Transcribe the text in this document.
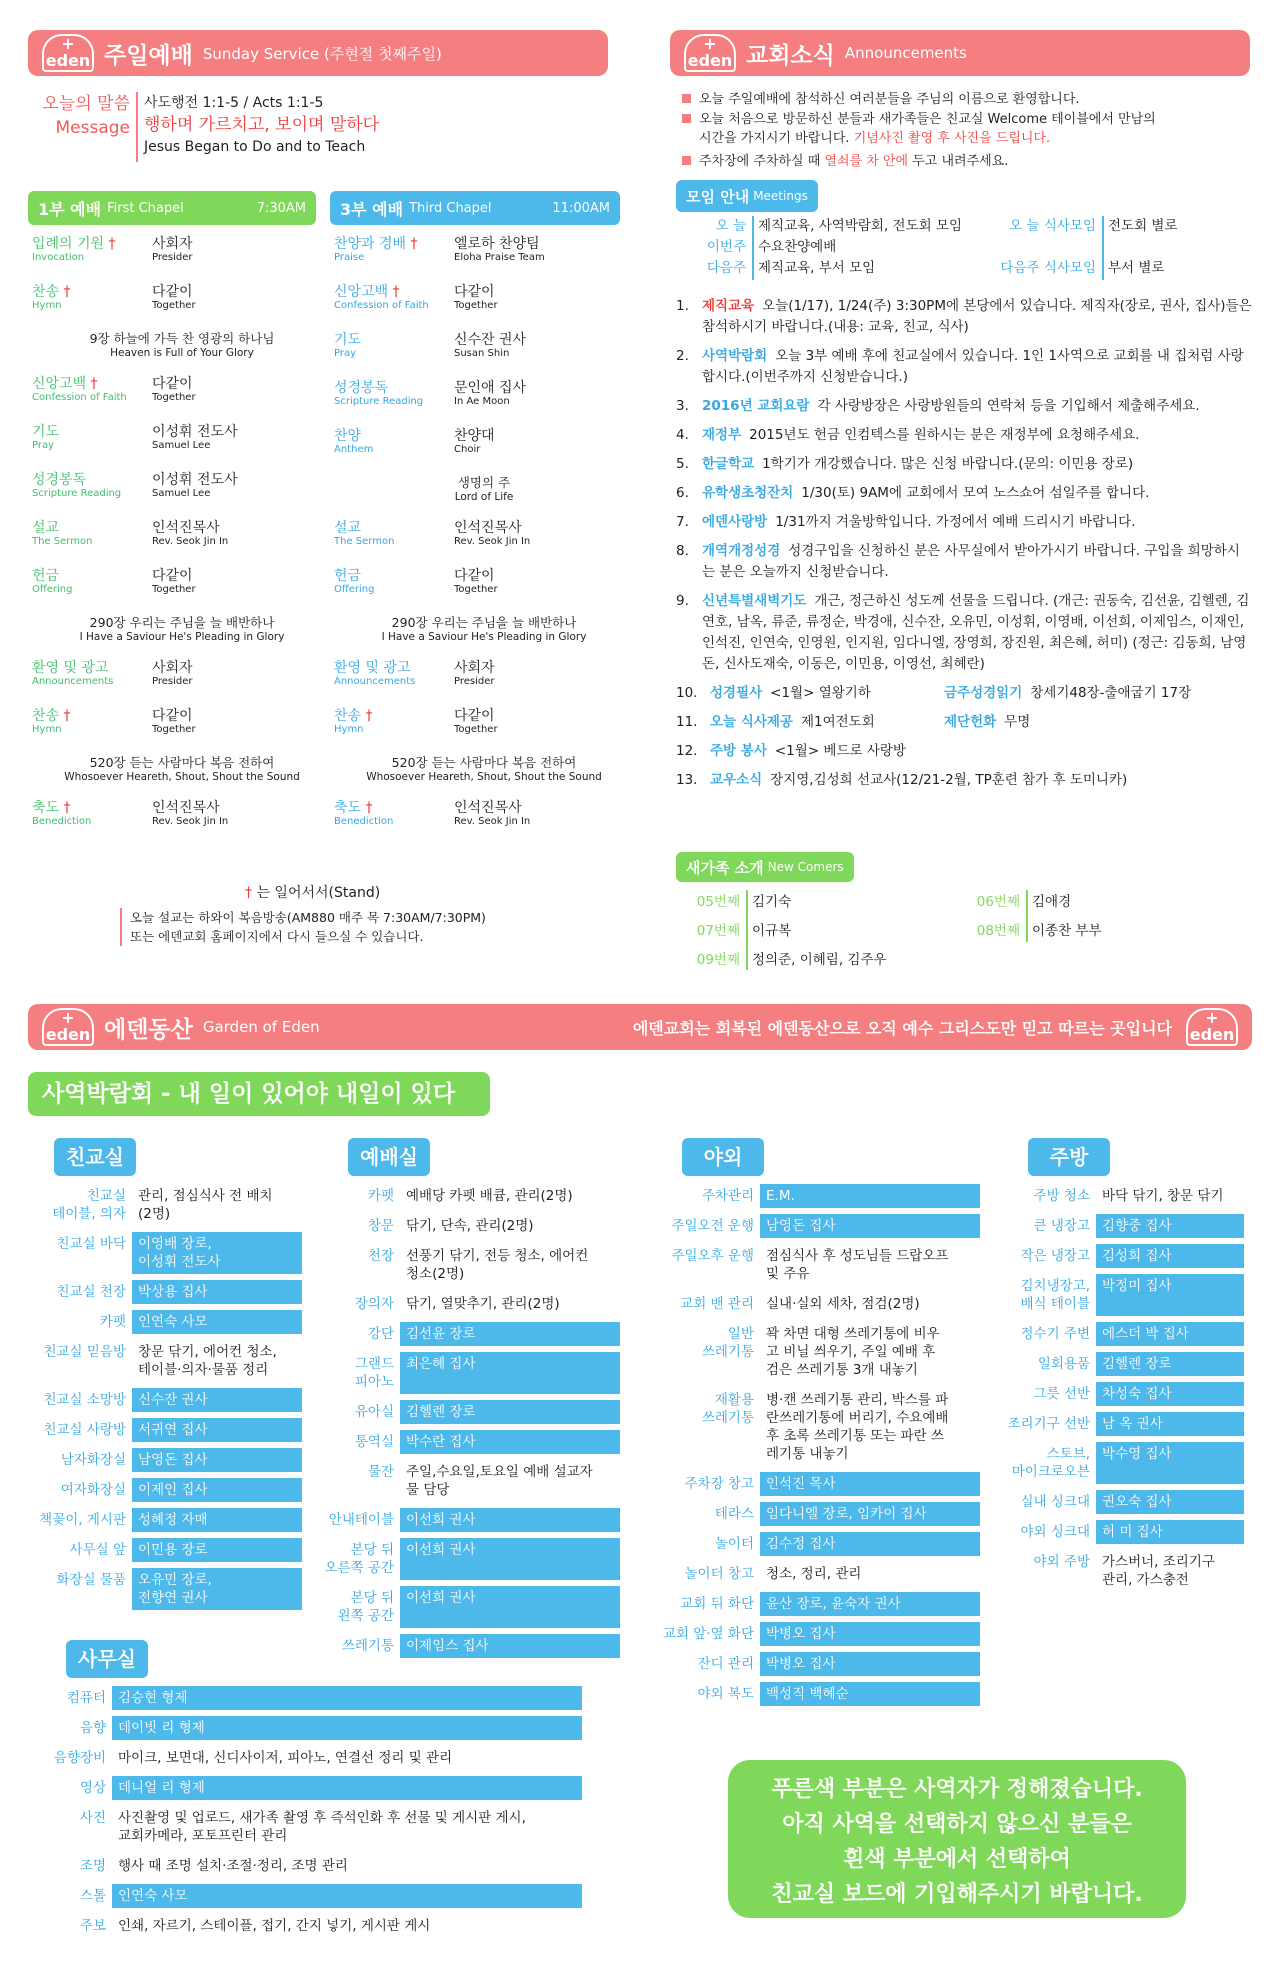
+ eden 주일예배 Sunday Service (주현절 첫째주일)
오늘의 말씀
Message
사도행전 1:1-5 / Acts 1:1-5
행하며 가르치고, 보이며 말하다
Jesus Began to Do and to Teach
1부 예배 First Chapel	7:30AM 3부 예배 Third Chapel	11:00AM
입례의 기원 †
Invocation
사회자
Presider
찬송 †
Hymn
다같이
Together
9장 하늘에 가득 찬 영광의 하나님
Heaven is Full of Your Glory
신앙고백 †
Confession of Faith
다같이
Together
기도
Pray
이성휘 전도사
Samuel Lee
성경봉독
Scripture Reading
이성휘 전도사
Samuel Lee
설교
The Sermon
인석진목사
Rev. Seok Jin In
헌금
Offering
다같이
Together
290장 우리는 주님을 늘 배반하나
I Have a Saviour He's Pleading in Glory
환영 및 광고
Announcements
사회자
Presider
찬송 †
Hymn
다같이
Together
520장 듣는 사람마다 복음 전하여
Whosoever Heareth, Shout, Shout the Sound
축도 †
Benediction
인석진목사
Rev. Seok Jin In
찬양과 경배 †
Praise
엘로하 찬양팀
Eloha Praise Team
신앙고백 †
Confession of Faith
다같이
Together
기도
Pray
신수잔 권사
Susan Shin
성경봉독
Scripture Reading
문인애 집사
In Ae Moon
찬양
Anthem
찬양대
Choir
생명의 주
Lord of Life
설교
The Sermon
인석진목사
Rev. Seok Jin In
헌금
Offering
다같이
Together
290장 우리는 주님을 늘 배반하나
I Have a Saviour He's Pleading in Glory
환영 및 광고
Announcements
사회자
Presider
찬송 †
Hymn
다같이
Together
520장 듣는 사람마다 복음 전하여
Whosoever Heareth, Shout, Shout the Sound
축도 †
Benediction
인석진목사
Rev. Seok Jin In
† 는 일어서서(Stand)
오늘 설교는 하와이 복음방송(AM880 매주 목 7:30AM/7:30PM)
또는 에덴교회 홈페이지에서 다시 들으실 수 있습니다.
+ eden 교회소식 Announcements
오늘 주일예배에 참석하신 여러분들을 주님의 이름으로 환영합니다.
오늘 처음으로 방문하신 분들과 새가족들은 친교실 Welcome 테이블에서 만남의
시간을 가지시기 바랍니다. 기념사진 촬영 후 사진을 드립니다.
주차장에 주차하실 때 열쇠를 차 안에 두고 내려주세요.
모임 안내 Meetings
오 늘
이번주
다음주
제직교육, 사역박람회, 전도회 모임
수요찬양예배
제직교육, 부서 모임
오 늘 식사모임

다음주 식사모임
전도회 별로

부서 별로
1. 제직교육 오늘(1/17), 1/24(주) 3:30PM에 본당에서 있습니다. 제직자(장로, 권사, 집사)들은 참석하시기 바랍니다.(내용: 교육, 친교, 식사)
2. 사역박람회 오늘 3부 예배 후에 친교실에서 있습니다. 1인 1사역으로 교회를 내 집처럼 사랑합시다.(이번주까지 신청받습니다.)
3. 2016년 교회요람 각 사랑방장은 사랑방원들의 연락처 등을 기입해서 제출해주세요.
4. 재정부 2015년도 헌금 인컴텍스를 원하시는 분은 재정부에 요청해주세요.
5. 한글학교 1학기가 개강했습니다. 많은 신청 바랍니다.(문의: 이민용 장로)
6. 유학생초청잔치 1/30(토) 9AM에 교회에서 모여 노스쇼어 섬일주를 합니다.
7. 에덴사랑방 1/31까지 겨울방학입니다. 가정에서 예배 드리시기 바랍니다.
8. 개역개정성경 성경구입을 신청하신 분은 사무실에서 받아가시기 바랍니다. 구입을 희망하시는 분은 오늘까지 신청받습니다.
9. 신년특별새벽기도 개근, 정근하신 성도께 선물을 드립니다. (개근: 권동숙, 김선윤, 김헬렌, 김연호, 남옥, 류준, 류정순, 박경애, 신수잔, 오유민, 이성휘, 이영배, 이선희, 이제임스, 이재인, 인석진, 인연숙, 인영원, 인지원, 임다니엘, 장영희, 장진원, 최은혜, 허미) (정근: 김동희, 남영돈, 신사도재숙, 이동은, 이민용, 이영선, 최혜란)
10. 성경필사 <1월> 열왕기하	금주성경읽기 창세기48장-출애굽기 17장
11. 오늘 식사제공 제1여전도회	제단헌화 무명
12. 주방 봉사 <1월> 베드로 사랑방
13. 교우소식 장지영,김성희 선교사(12/21-2월, TP훈련 참가 후 도미니카)
새가족 소개 New Comers
05번째
07번째
09번째
김기숙
이규복
정의준, 이혜림, 김주우
06번째
08번째
김애경
이종찬 부부
+ eden 에덴동산 Garden of Eden	에덴교회는 회복된 에덴동산으로 오직 예수 그리스도만 믿고 따르는 곳입니다
+ eden
사역박람회 - 내 일이 있어야 내일이 있다
친교실
친교실
테이블, 의자
관리, 점심식사 전 배치
(2명)
친교실 바닥 이영배 장로,
이성휘 전도사
친교실 천장 박상용 집사
카펫 인연숙 사모
친교실 믿음방 창문 닦기, 에어컨 청소,
테이블·의자·물품 정리
친교실 소망방 신수잔 권사
친교실 사랑방 서귀연 집사
남자화장실 남영돈 집사
여자화장실 이제인 집사
책꽂이, 게시판 성혜정 자매
사무실 앞 이민용 장로
화장실 물품 오유민 장로,
전향연 권사
예배실
카펫 예배당 카펫 배큠, 관리(2명)
창문 닦기, 단속, 관리(2명)
천장 선풍기 닦기, 전등 청소, 에어컨
청소(2명)
장의자 닦기, 열맞추기, 관리(2명)
강단 김선윤 장로
그랜드
피아노
최은혜 집사
유아실 김헬렌 장로
통역실 박수란 집사
물잔 주일,수요일,토요일 예배 설교자
물 담당
안내테이블 이선희 권사
본당 뒤
오른쪽 공간
이선희 권사
본당 뒤
왼쪽 공간
이선희 권사
쓰레기통 이제임스 집사
야외
주차관리 E.M.
주일오전 운행 남영돈 집사
주일오후 운행 점심식사 후 성도님들 드랍오프
및 주유
교회 밴 관리 실내·실외 세차, 점검(2명)
일반
쓰레기통
꽉 차면 대형 쓰레기통에 비우
고 비닐 씌우기, 주일 예배 후
검은 쓰레기통 3개 내놓기
재활용
쓰레기통
병·캔 쓰레기통 관리, 박스를 파
란쓰레기통에 버리기, 수요예배
후 초록 쓰레기통 또는 파란 쓰
레기통 내놓기
주차장 창고 인석진 목사
테라스 임다니엘 장로, 임카이 집사
놀이터 김수정 집사
놀이터 창고 청소, 정리, 관리
교회 뒤 화단 윤산 장로, 윤숙자 권사
교회 앞·옆 화단 박병오 집사
잔디 관리 박병오 집사
야외 복도 백성직 백혜순
주방
주방 청소 바닥 닦기, 창문 닦기
큰 냉장고 김향중 집사
작은 냉장고 김성희 집사
김치냉장고,
배식 테이블
박정미 집사
정수기 주변 에스더 박 집사
일회용품 김헬렌 장로
그릇 선반 차성숙 집사
조리기구 선반 남 옥 권사
스토브,
마이크로오븐
박수영 집사
실내 싱크대 권오숙 집사
야외 싱크대 허 미 집사
야외 주방 가스버너, 조리기구
관리, 가스충전
사무실
컴퓨터 김승현 형제
음향 데이빗 리 형제
음향장비 마이크, 보면대, 신디사이저, 피아노, 연결선 정리 및 관리
영상 데니얼 리 형제
사진 사진촬영 및 업로드, 새가족 촬영 후 즉석인화 후 선물 및 게시판 게시,
교회카메라, 포토프린터 관리
조명 행사 때 조명 설치·조절·정리, 조명 관리
스톨 인연숙 사모
주보 인쇄, 자르기, 스테이플, 접기, 간지 넣기, 게시판 게시
푸른색 부분은 사역자가 정해졌습니다.
아직 사역을 선택하지 않으신 분들은
흰색 부분에서 선택하여
친교실 보드에 기입해주시기 바랍니다.
